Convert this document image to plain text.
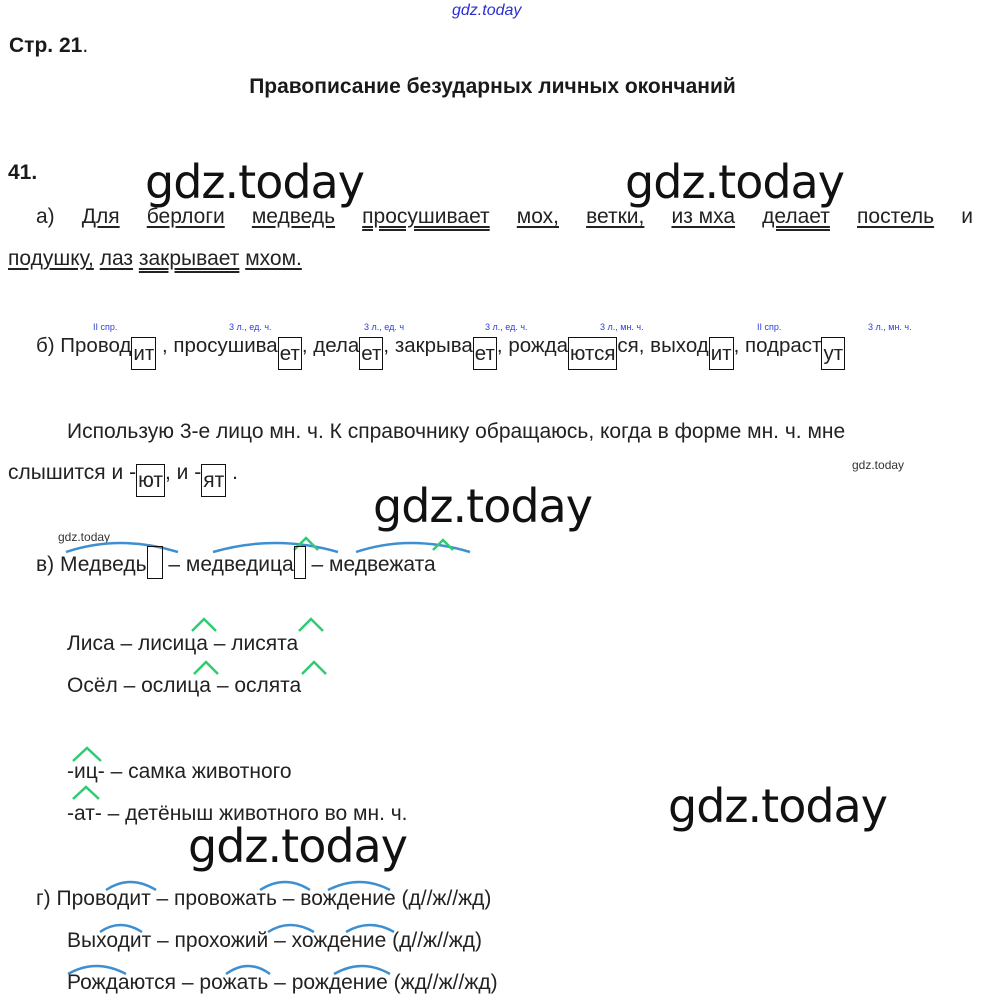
gdz.today
Стр. 21.
Правописание безударных личных окончаний
41. gdz.today	gdz.today
gdz.today
gdz.today
gdz.today
gdz.today
gdz.today
а) Для берлоги медведь просушивает мох, ветки, из мха делает постель и
подушку, лаз закрывает мхом.
II спр.	3 л., ед. ч.	3 л., ед. ч	3 л., ед. ч.	3 л., мн. ч.	II спр.	3 л., мн. ч.
б) Проводит , просушивает, делает, закрывает, рождаютсяся, выходит, подрастут
Использую 3-е лицо мн. ч. К справочнику обращаюсь, когда в форме мн. ч. мне
слышится и -ют, и -ят .
в) Медведь – медведица – медвежата
Лиса – лисица – лисята
Осёл – ослица – ослята
-иц- – самка животного
-ат- – детёныш животного во мн. ч.
г) Проводит – провожать – вождение (д//ж//жд)
Выходит – прохожий – хождение (д//ж//жд)
Рождаются – рожать – рождение (жд//ж//жд)
